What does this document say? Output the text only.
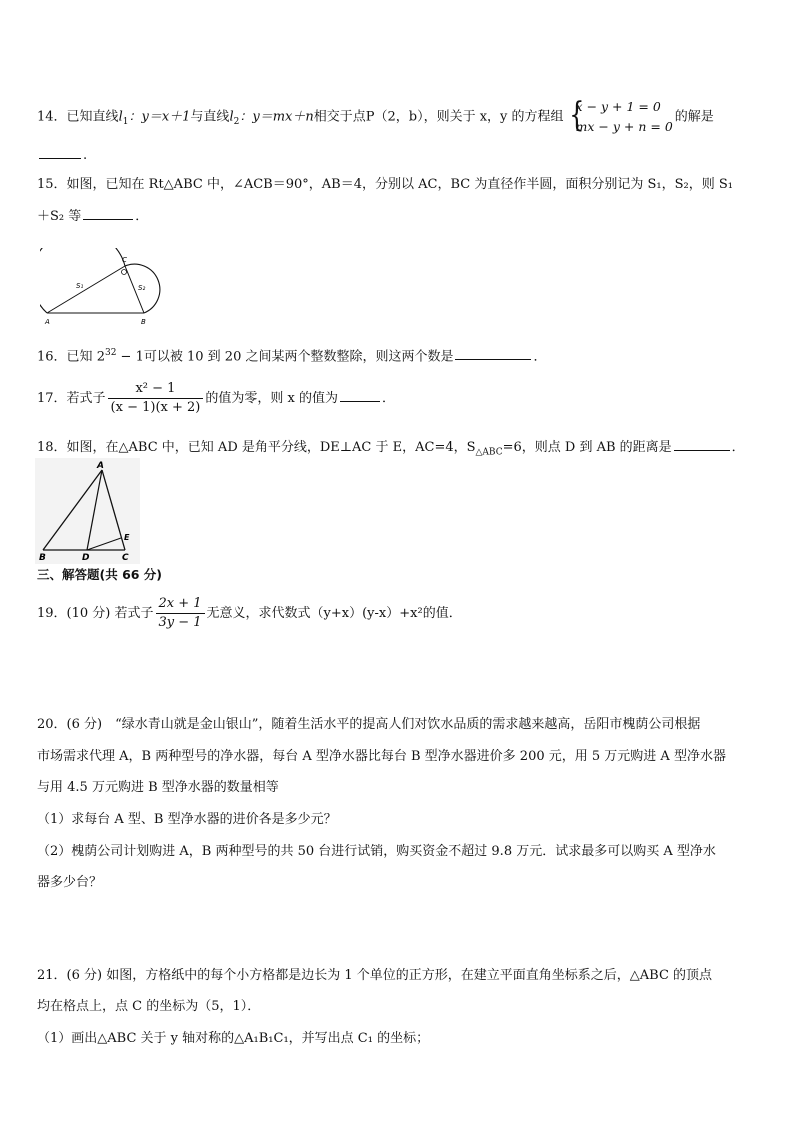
14．已知直线$l_1$：y＝x＋1与直线$l_2$：y＝mx＋n相交于点P（2，b），则关于 x，y 的方程组 {
x − y + 1 = 0
mx − y + n = 0
的解是
.
15．如图，已知在 Rt△ABC 中，∠ACB＝90°，AB＝4，分别以 AC，BC 为直径作半圆，面积分别记为 S₁，S₂，则 S₁
＋S₂ 等	．
A	B
C
S₁	S₂
16．已知 $2^{32} - 1$可以被 10 到 20 之间某两个整数整除，则这两个数是	．
17．若式子 $\frac{\text{x² − 1}}{(x - 1)(x + 2)}$ 的值为零，则 x 的值为	．
18．如图，在△ABC 中，已知 AD 是角平分线，DE⊥AC 于 E，AC=4，$S_{\triangle ABC}=6$，则点 D 到 AB 的距离是	．
A
B	C
D
E
三、解答题(共 66 分)
19．(10 分) 若式子 $\frac{2x + 1}{3y - 1}$ 无意义，求代数式（y+x）(y-x）+x²的值．
20．(6 分)　“绿水青山就是金山银山”，随着生活水平的提高人们对饮水品质的需求越来越高，岳阳市槐荫公司根据
市场需求代理 A，B 两种型号的净水器，每台 A 型净水器比每台 B 型净水器进价多 200 元，用 5 万元购进 A 型净水器
与用 4.5 万元购进 B 型净水器的数量相等
（1）求每台 A 型、B 型净水器的进价各是多少元？
（2）槐荫公司计划购进 A，B 两种型号的共 50 台进行试销，购买资金不超过 9.8 万元．试求最多可以购买 A 型净水
器多少台？
21．(6 分) 如图，方格纸中的每个小方格都是边长为 1 个单位的正方形，在建立平面直角坐标系之后，△ABC 的顶点
均在格点上，点 C 的坐标为（5，1）．
（1）画出△ABC 关于 y 轴对称的△A₁B₁C₁，并写出点 C₁ 的坐标；
